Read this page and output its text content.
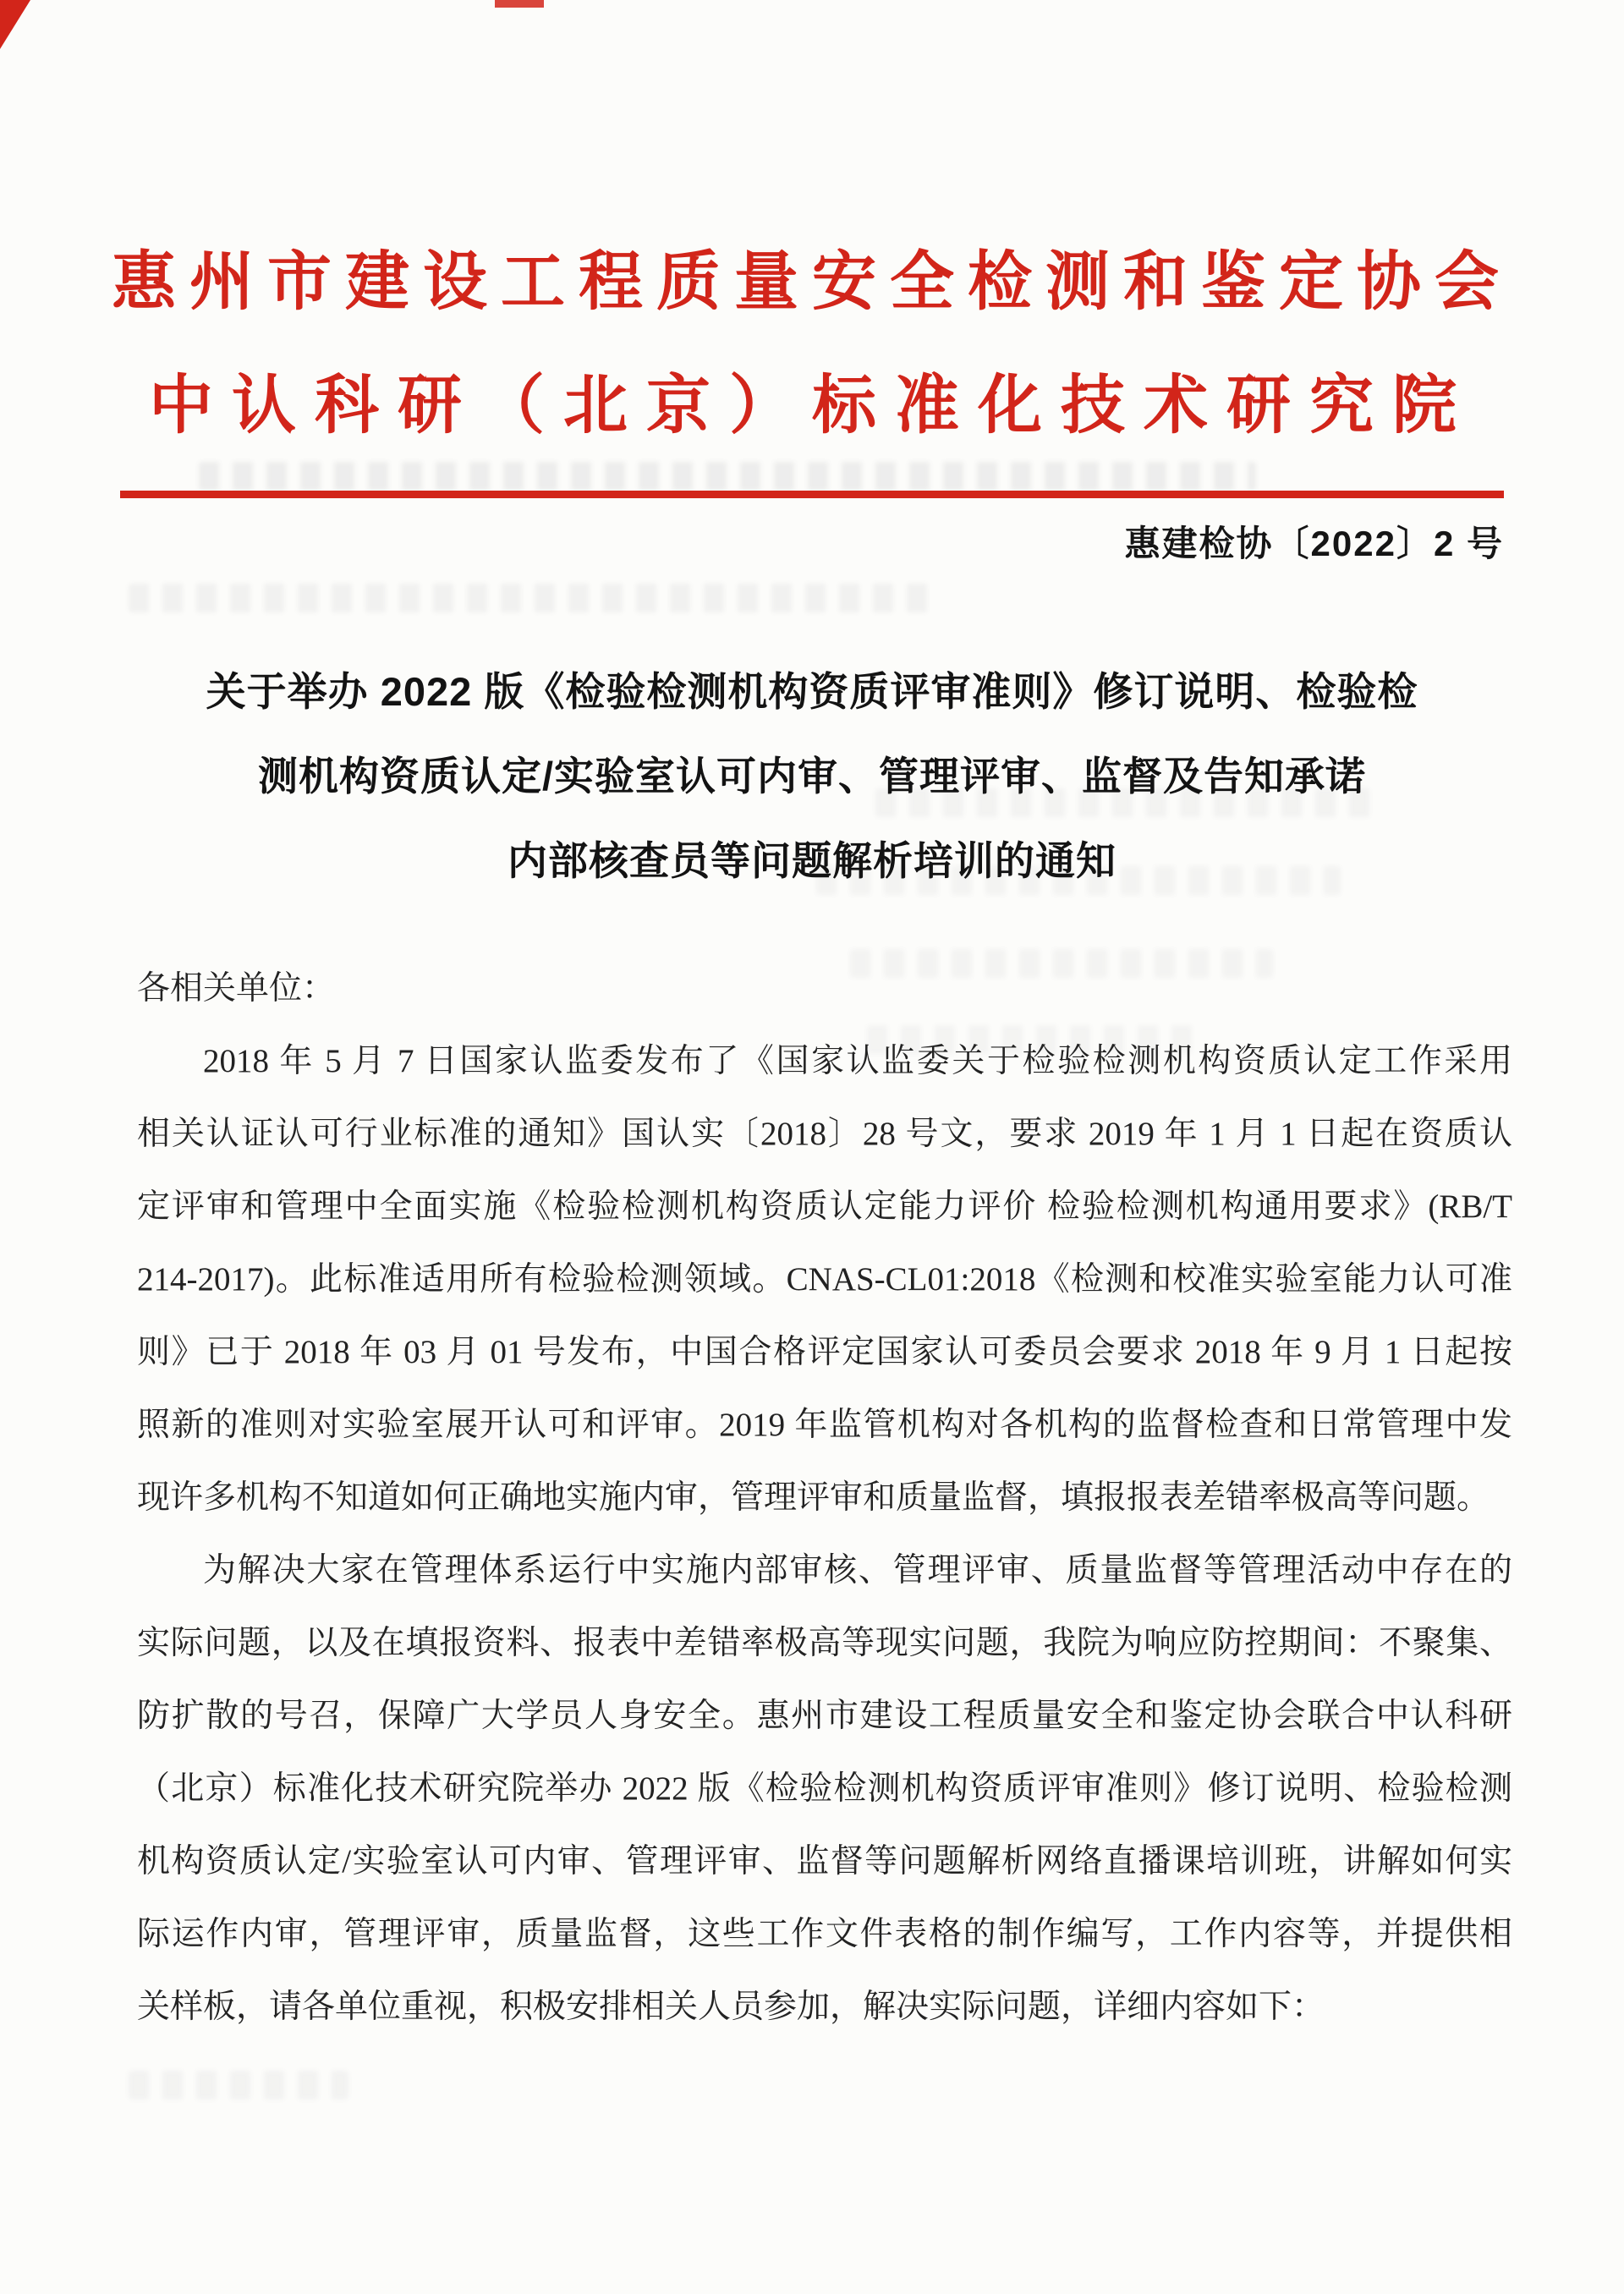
惠州市建设工程质量安全检测和鉴定协会
中认科研（北京）标准化技术研究院
惠建检协〔2022〕2 号
关于举办 2022 版《检验检测机构资质评审准则》修订说明、检验检
测机构资质认定/实验室认可内审、管理评审、监督及告知承诺
内部核查员等问题解析培训的通知
各相关单位：
2018 年 5 月 7 日国家认监委发布了《国家认监委关于检验检测机构资质认定工作采用
相关认证认可行业标准的通知》国认实〔2018〕28 号文，要求 2019 年 1 月 1 日起在资质认
定评审和管理中全面实施《检验检测机构资质认定能力评价 检验检测机构通用要求》(RB/T
214-2017)。此标准适用所有检验检测领域。CNAS-CL01:2018《检测和校准实验室能力认可准
则》已于 2018 年 03 月 01 号发布，中国合格评定国家认可委员会要求 2018 年 9 月 1 日起按
照新的准则对实验室展开认可和评审。2019 年监管机构对各机构的监督检查和日常管理中发
现许多机构不知道如何正确地实施内审，管理评审和质量监督，填报报表差错率极高等问题。
为解决大家在管理体系运行中实施内部审核、管理评审、质量监督等管理活动中存在的
实际问题，以及在填报资料、报表中差错率极高等现实问题，我院为响应防控期间：不聚集、
防扩散的号召，保障广大学员人身安全。惠州市建设工程质量安全和鉴定协会联合中认科研
（北京）标准化技术研究院举办 2022 版《检验检测机构资质评审准则》修订说明、检验检测
机构资质认定/实验室认可内审、管理评审、监督等问题解析网络直播课培训班，讲解如何实
际运作内审，管理评审，质量监督，这些工作文件表格的制作编写，工作内容等，并提供相
关样板，请各单位重视，积极安排相关人员参加，解决实际问题，详细内容如下：
